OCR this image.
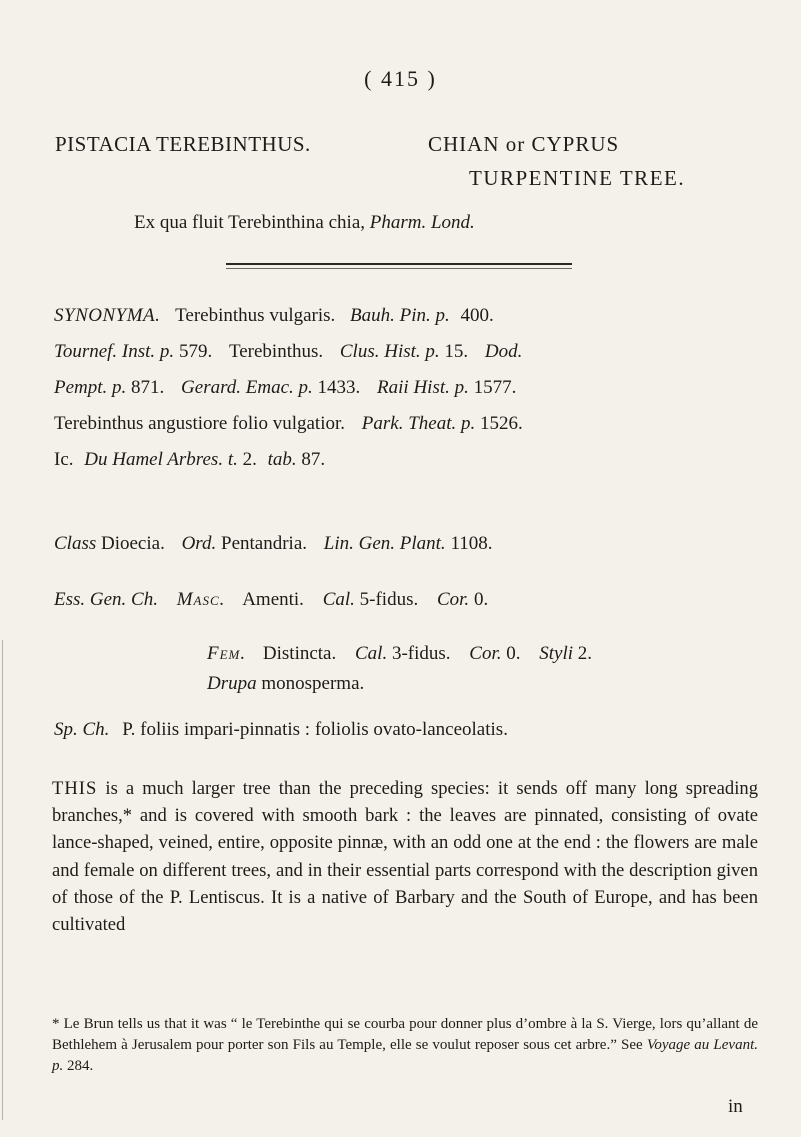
( 415 )
PISTACIA TEREBINTHUS.	CHIAN or CYPRUS
TURPENTINE TREE.
Ex qua fluit Terebinthina chia, Pharm. Lond.
SYNONYMA. Terebinthus vulgaris. Bauh. Pin. p. 400.
Tournef. Inst. p. 579. Terebinthus. Clus. Hist. p. 15. Dod.
Pempt. p. 871. Gerard. Emac. p. 1433. Raii Hist. p. 1577.
Terebinthus angustiore folio vulgatior. Park. Theat. p. 1526.
Ic. Du Hamel Arbres. t. 2. tab. 87.
Class Dioecia. Ord. Pentandria. Lin. Gen. Plant. 1108.
Ess. Gen. Ch. Masc. Amenti. Cal. 5-fidus. Cor. 0.
Fem. Distincta. Cal. 3-fidus. Cor. 0. Styli 2.
Drupa monosperma.
Sp. Ch. P. foliis impari-pinnatis : foliolis ovato-lanceolatis.
THIS is a much larger tree than the preceding species: it sends off many long spreading branches,* and is covered with smooth bark : the leaves are pinnated, consisting of ovate lance-shaped, veined, entire, opposite pinnæ, with an odd one at the end : the flowers are male and female on different trees, and in their essential parts correspond with the description given of those of the P. Lentiscus. It is a native of Barbary and the South of Europe, and has been cultivated
* Le Brun tells us that it was “ le Terebinthe qui se courba pour donner plus d’ombre à la S. Vierge, lors qu’allant de Bethlehem à Jerusalem pour porter son Fils au Temple, elle se voulut reposer sous cet arbre.” See Voyage au Levant. p. 284.
in
